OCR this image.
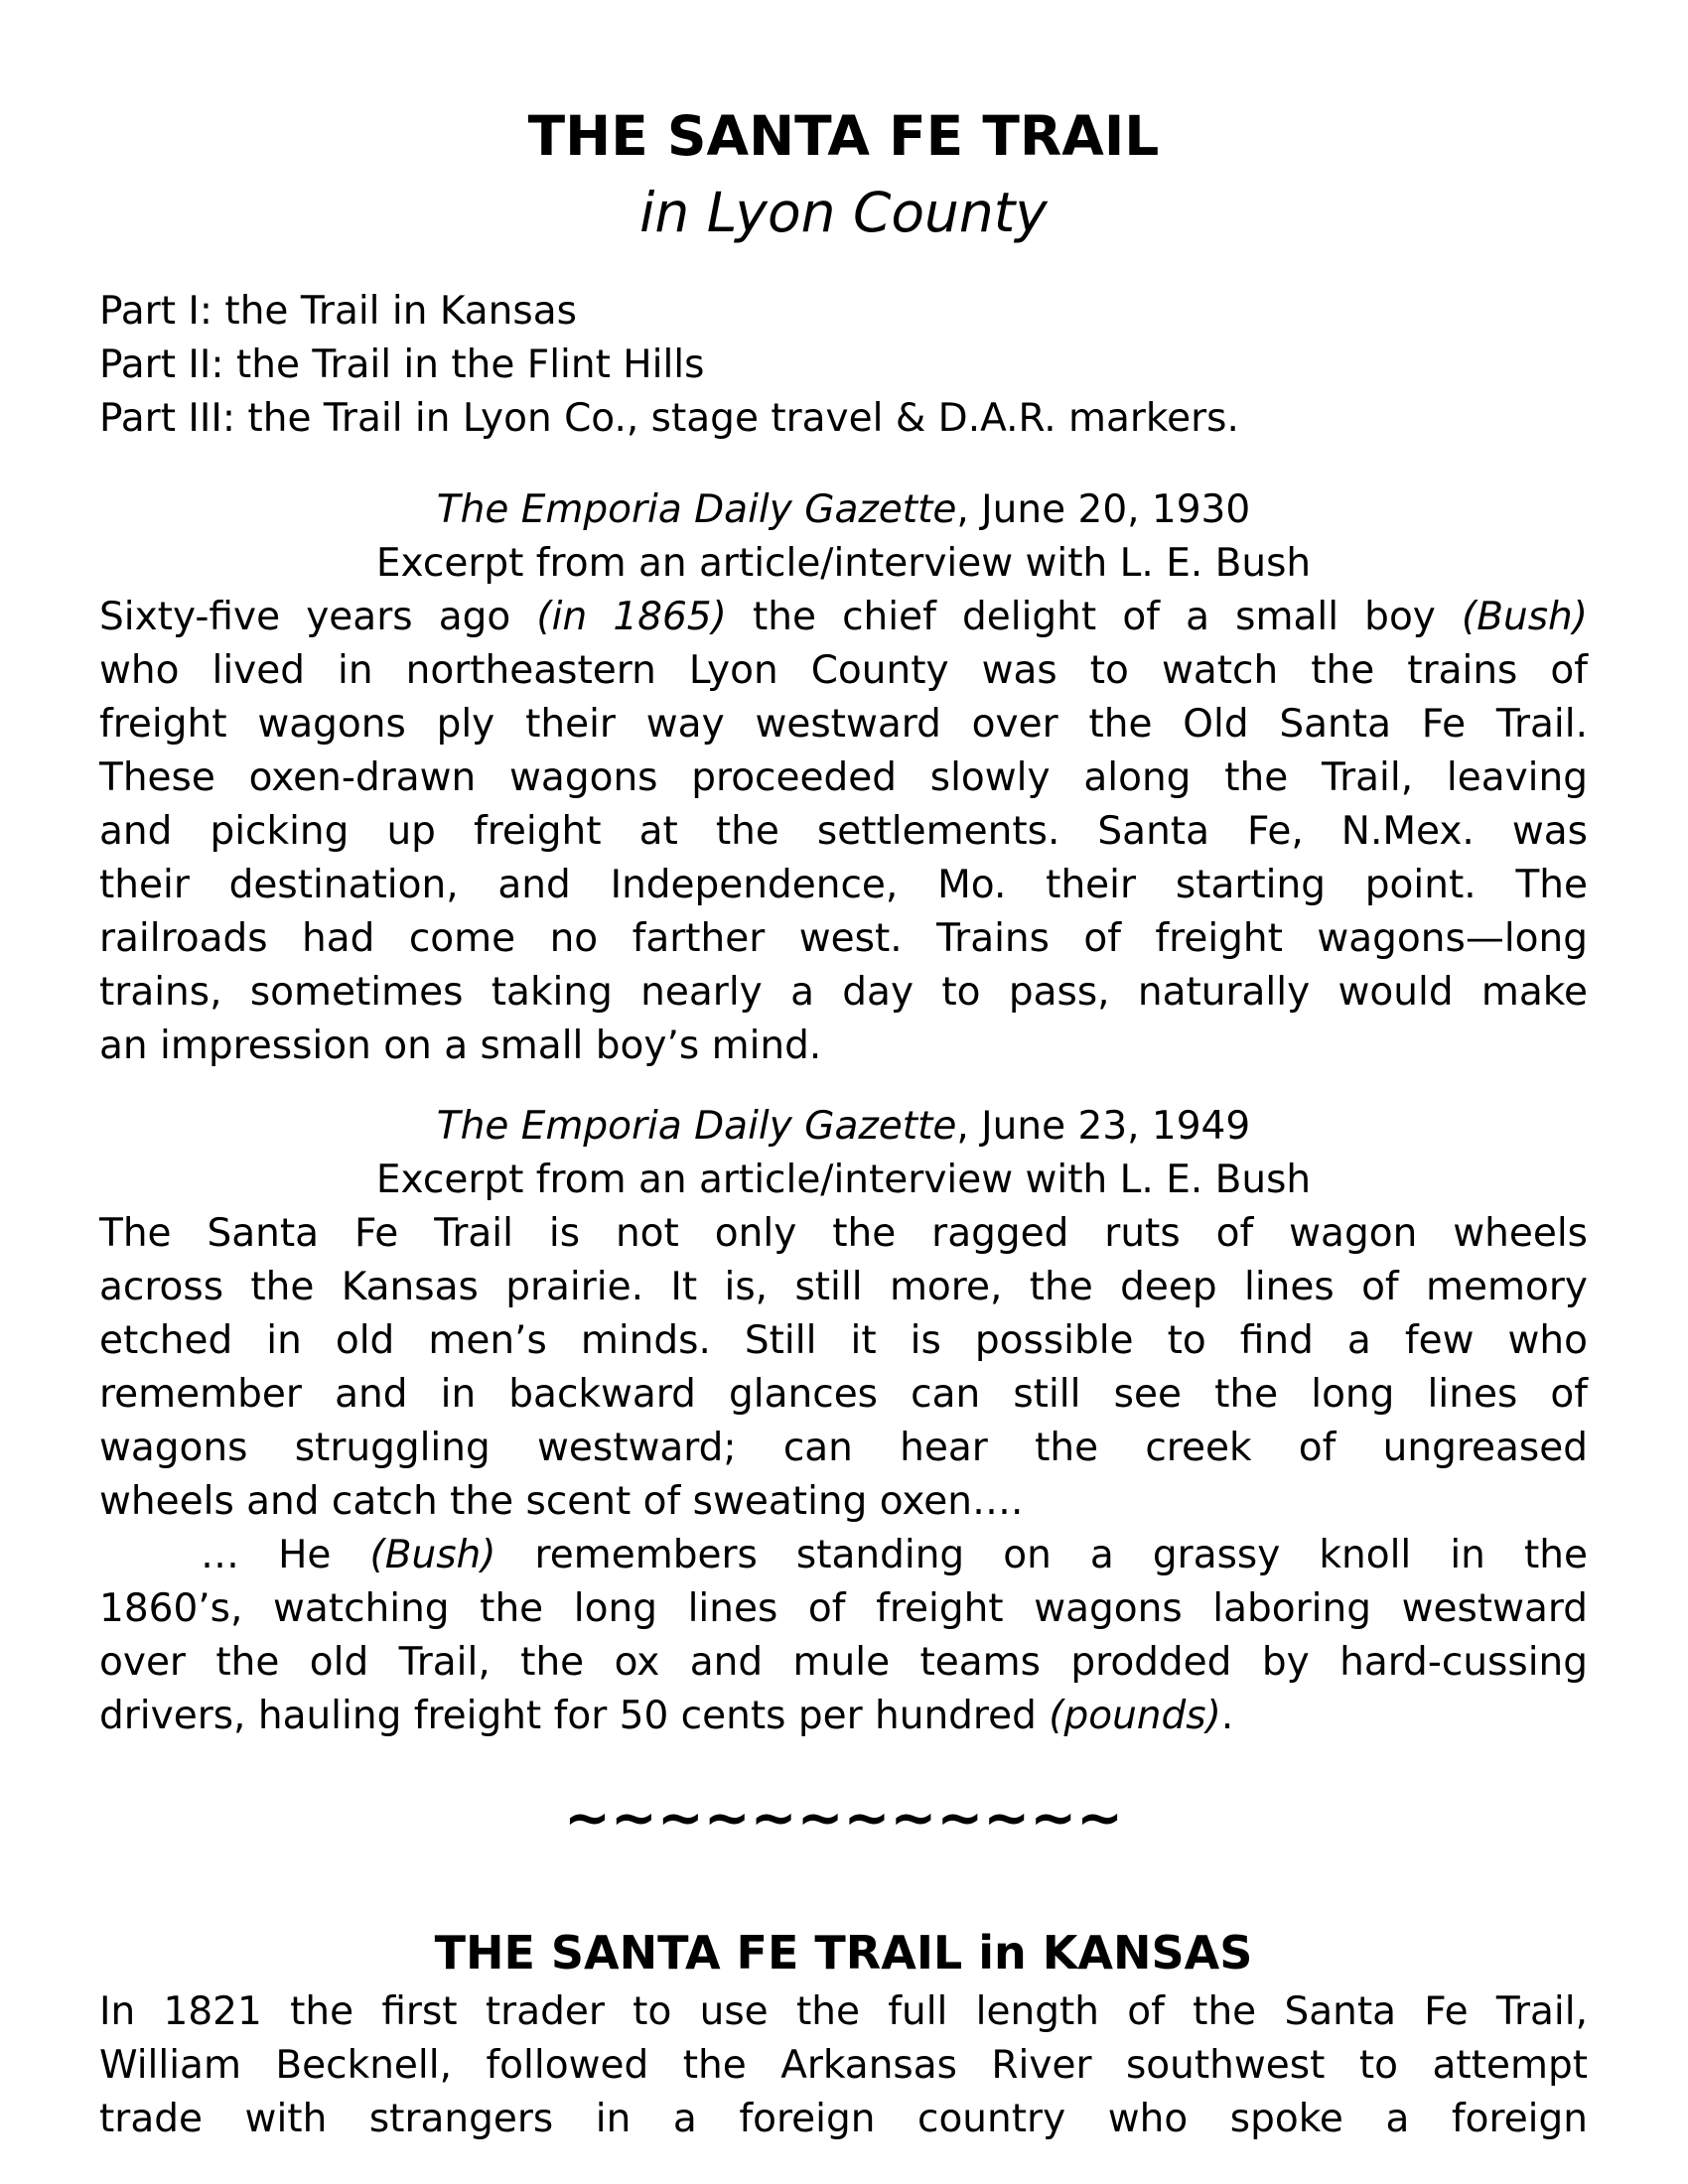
THE SANTA FE TRAIL
in Lyon County
Part I: the Trail in Kansas
Part II: the Trail in the Flint Hills
Part III: the Trail in Lyon Co., stage travel & D.A.R. markers.
The Emporia Daily Gazette, June 20, 1930
Excerpt from an article/interview with L. E. Bush
Sixty-five years ago (in 1865) the chief delight of a small boy (Bush)
who lived in northeastern Lyon County was to watch the trains of
freight wagons ply their way westward over the Old Santa Fe Trail.
These oxen-drawn wagons proceeded slowly along the Trail, leaving
and picking up freight at the settlements. Santa Fe, N.Mex. was
their destination, and Independence, Mo. their starting point. The
railroads had come no farther west. Trains of freight wagons—long
trains, sometimes taking nearly a day to pass, naturally would make
an impression on a small boy’s mind.
The Emporia Daily Gazette, June 23, 1949
Excerpt from an article/interview with L. E. Bush
The Santa Fe Trail is not only the ragged ruts of wagon wheels
across the Kansas prairie. It is, still more, the deep lines of memory
etched in old men’s minds. Still it is possible to find a few who
remember and in backward glances can still see the long lines of
wagons struggling westward; can hear the creek of ungreased
wheels and catch the scent of sweating oxen….
… He (Bush) remembers standing on a grassy knoll in the
1860’s, watching the long lines of freight wagons laboring westward
over the old Trail, the ox and mule teams prodded by hard-cussing
drivers, hauling freight for 50 cents per hundred (pounds).
~~~~~~~~~~~~
THE SANTA FE TRAIL in KANSAS
In 1821 the first trader to use the full length of the Santa Fe Trail,
William Becknell, followed the Arkansas River southwest to attempt
trade with strangers in a foreign country who spoke a foreign
